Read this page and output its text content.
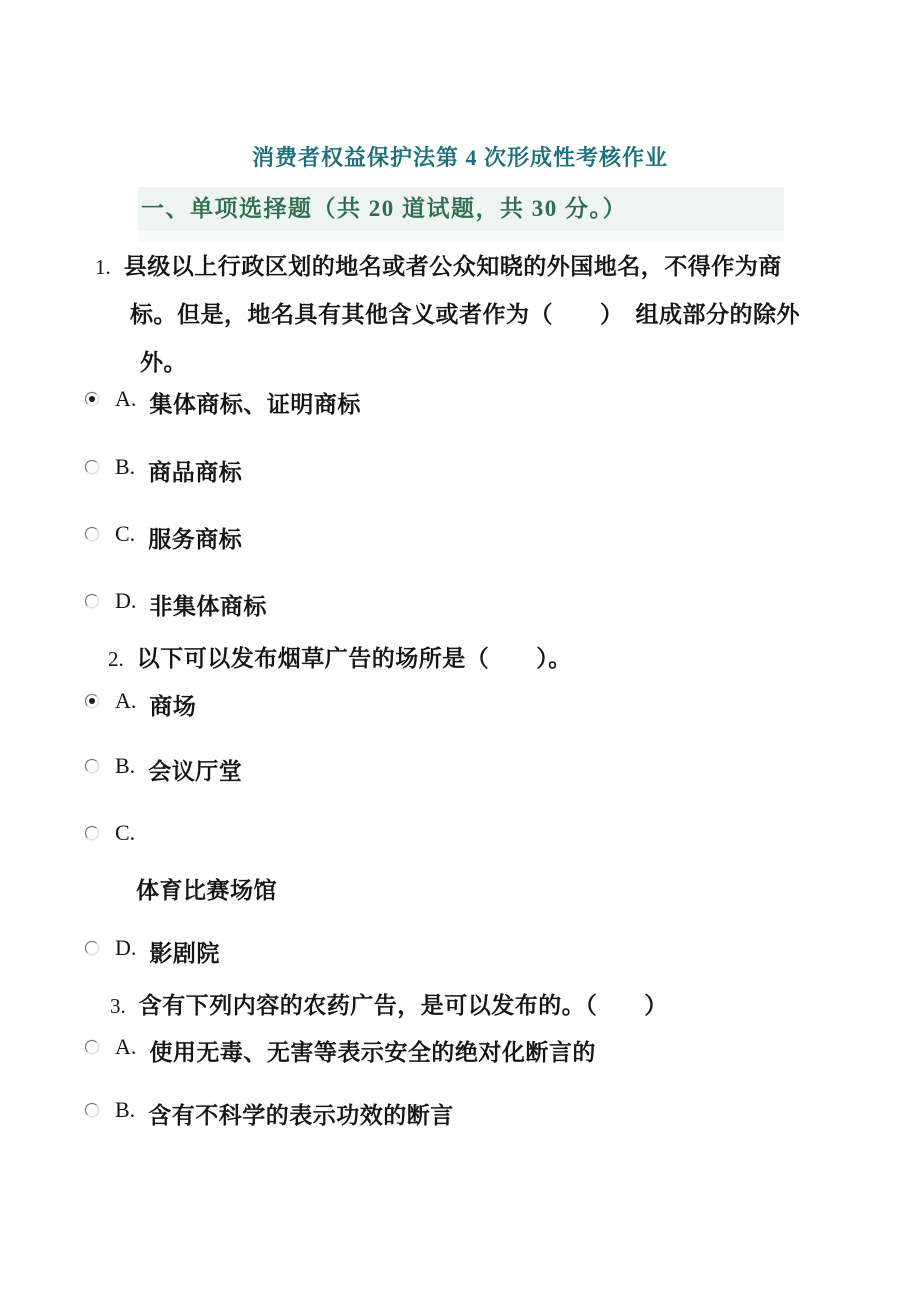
消费者权益保护法第 4 次形成性考核作业
一、单项选择题（共 20 道试题，共 30 分。）
1. 县级以上行政区划的地名或者公众知晓的外国地名，不得作为商
标。但是，地名具有其他含义或者作为（　　）　组成部分的除外
外。
A. 集体商标、证明商标
B. 商品商标
C. 服务商标
D. 非集体商标
2. 以下可以发布烟草广告的场所是（　　）。
A. 商场
B. 会议厅堂
C.
体育比赛场馆
D. 影剧院
3. 含有下列内容的农药广告，是可以发布的。（　　）
A. 使用无毒、无害等表示安全的绝对化断言的
B. 含有不科学的表示功效的断言
